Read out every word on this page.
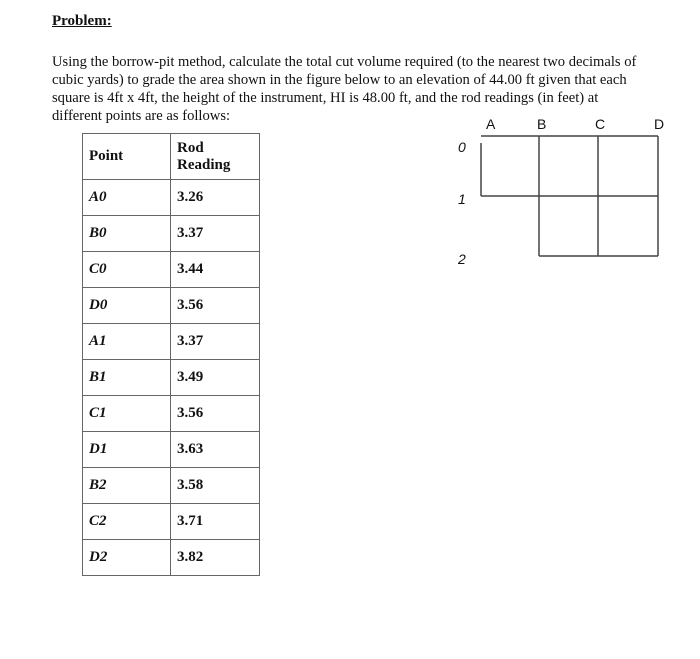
Problem:

Using the borrow-pit method, calculate the total cut volume required (to the nearest two decimals of cubic yards) to grade the area shown in the figure below to an elevation of 44.00 ft given that each square is 4ft x 4ft, the height of the instrument, HI is 48.00 ft, and the rod readings (in feet) at different points are as follows:

Point	Rod Reading
A0	3.26
B0	3.37
C0	3.44
D0	3.56
A1	3.37
B1	3.49
C1	3.56
D1	3.63
B2	3.58
C2	3.71
D2	3.82
A	B	C	D
0
1
2
